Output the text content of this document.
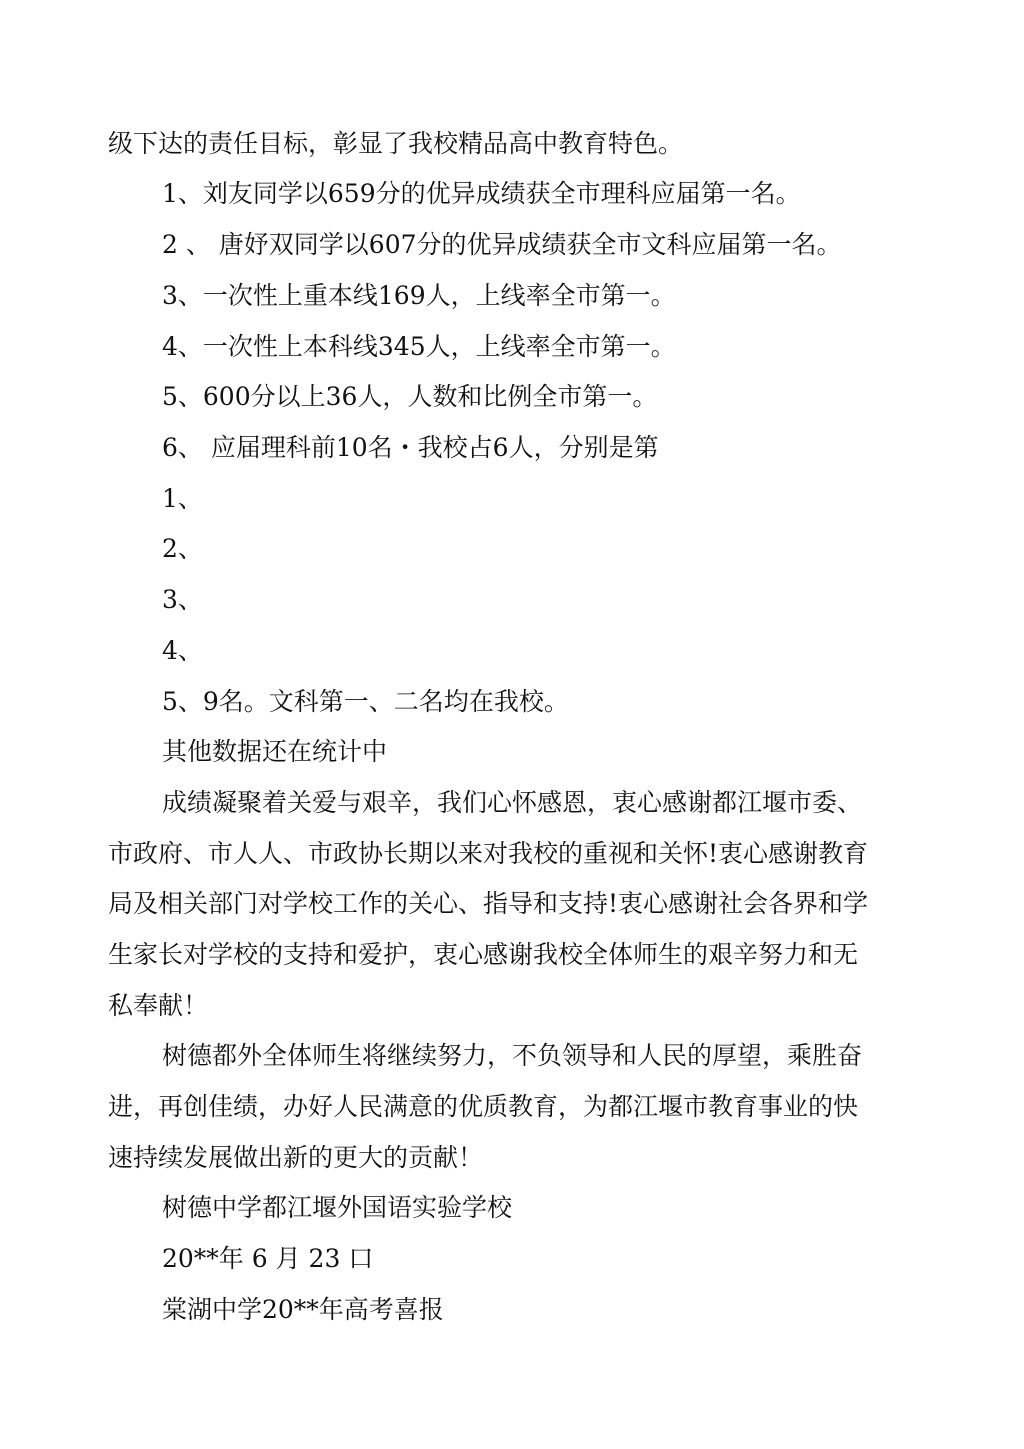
级下达的责任目标，彰显了我校精品高中教育特色。
1、刘友同学以659分的优异成绩获全市理科应届第一名。
2 、 唐妤双同学以607分的优异成绩获全市文科应届第一名。
3、一次性上重本线169人，上线率全市第一。
4、一次性上本科线345人，上线率全市第一。
5、600分以上36人，人数和比例全市第一。
6、 应届理科前10名・我校占6人，分别是第
1、
2、
3、
4、
5、9名。文科第一、二名均在我校。
其他数据还在统计中
成绩凝聚着关爱与艰辛，我们心怀感恩，衷心感谢都江堰市委、
市政府、市人人、市政协长期以来对我校的重视和关怀!衷心感谢教育
局及相关部门对学校工作的关心、指导和支持!衷心感谢社会各界和学
生家长对学校的支持和爱护，衷心感谢我校全体师生的艰辛努力和无
私奉献！
树德都外全体师生将继续努力，不负领导和人民的厚望，乘胜奋
进，再创佳绩，办好人民满意的优质教育，为都江堰市教育事业的快
速持续发展做出新的更大的贡献！
树德中学都江堰外国语实验学校
20**年 6 月 23 口
棠湖中学20**年高考喜报
